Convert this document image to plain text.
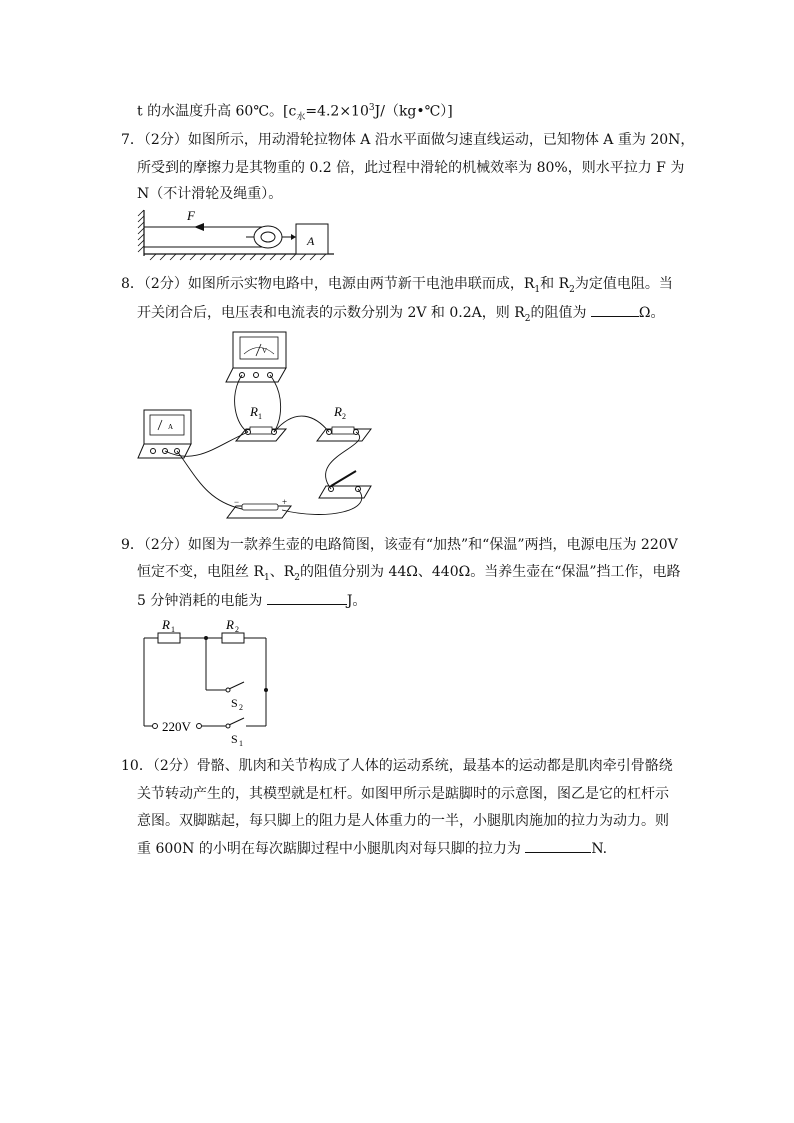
t 的水温度升高 60℃。$[c_水=4.2\times 10^3J/(kg•℃)]$
7．（2分）如图所示，用动滑轮拉物体 A 沿水平面做匀速直线运动，已知物体 A 重为 20N，
所受到的摩擦力是其物重的 0.2 倍，此过程中滑轮的机械效率为 80%，则水平拉力 F 为
N（不计滑轮及绳重）。
F
A
8．（2分）如图所示实物电路中，电源由两节新干电池串联而成，$R_1$和 $R_2$为定值电阻。当
开关闭合后，电压表和电流表的示数分别为 2V 和 0.2A，则 $R_2$的阻值为	Ω。
V
A
R 1	R 2
−	+
9．（2分）如图为一款养生壶的电路简图，该壶有“加热”和“保温”两挡，电源电压为 220V
恒定不变，电阻丝 $R_1$、$R_2$的阻值分别为 44Ω、440Ω。当养生壶在“保温”挡工作，电路
5 分钟消耗的电能为	J。
R 1	R 2
S 2
S 1
220V
10．（2分）骨骼、肌肉和关节构成了人体的运动系统，最基本的运动都是肌肉牵引骨骼绕
关节转动产生的，其模型就是杠杆。如图甲所示是踮脚时的示意图，图乙是它的杠杆示
意图。双脚踮起，每只脚上的阻力是人体重力的一半，小腿肌肉施加的拉力为动力。则
重 600N 的小明在每次踮脚过程中小腿肌肉对每只脚的拉力为	N.
